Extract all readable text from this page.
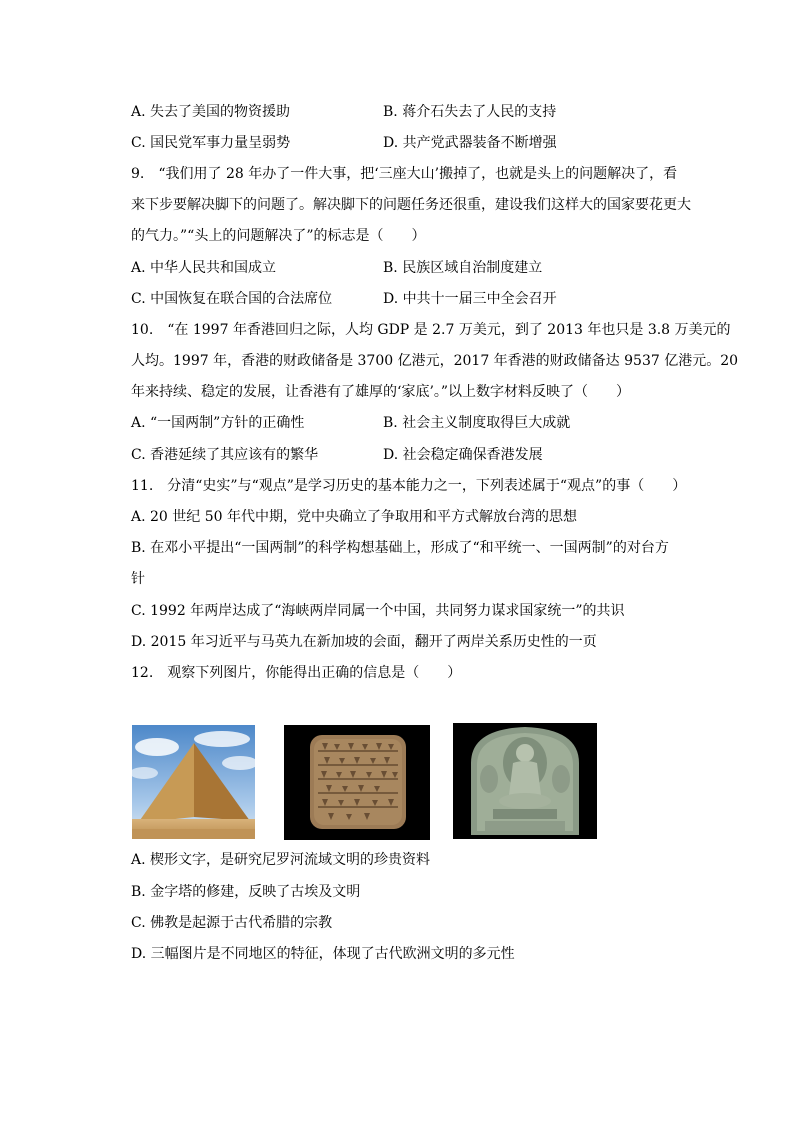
A. 失去了美国的物资援助	B. 蒋介石失去了人民的支持
C. 国民党军事力量呈弱势	D. 共产党武器装备不断增强
9.　“我们用了 28 年办了一件大事，把‘三座大山’搬掉了，也就是头上的问题解决了，看
来下步要解决脚下的问题了。解决脚下的问题任务还很重，建设我们这样大的国家要花更大
的气力。”“头上的问题解决了”的标志是（　　）
A. 中华人民共和国成立	B. 民族区域自治制度建立
C. 中国恢复在联合国的合法席位	D. 中共十一届三中全会召开
10.　“在 1997 年香港回归之际，人均 GDP 是 2.7 万美元，到了 2013 年也只是 3.8 万美元的
人均。1997 年，香港的财政储备是 3700 亿港元，2017 年香港的财政储备达 9537 亿港元。20
年来持续、稳定的发展，让香港有了雄厚的‘家底’。”以上数字材料反映了（　　）
A. “一国两制”方针的正确性	B. 社会主义制度取得巨大成就
C. 香港延续了其应该有的繁华	D. 社会稳定确保香港发展
11.　分清“史实”与“观点”是学习历史的基本能力之一，下列表述属于“观点”的事（　　）
A. 20 世纪 50 年代中期，党中央确立了争取用和平方式解放台湾的思想
B. 在邓小平提出“一国两制”的科学构想基础上，形成了“和平统一、一国两制”的对台方
针
C. 1992 年两岸达成了“海峡两岸同属一个中国，共同努力谋求国家统一”的共识
D. 2015 年习近平与马英九在新加坡的会面，翻开了两岸关系历史性的一页
12.　观察下列图片，你能得出正确的信息是（　　）
A. 楔形文字，是研究尼罗河流域文明的珍贵资料
B. 金字塔的修建，反映了古埃及文明
C. 佛教是起源于古代希腊的宗教
D. 三幅图片是不同地区的特征，体现了古代欧洲文明的多元性
